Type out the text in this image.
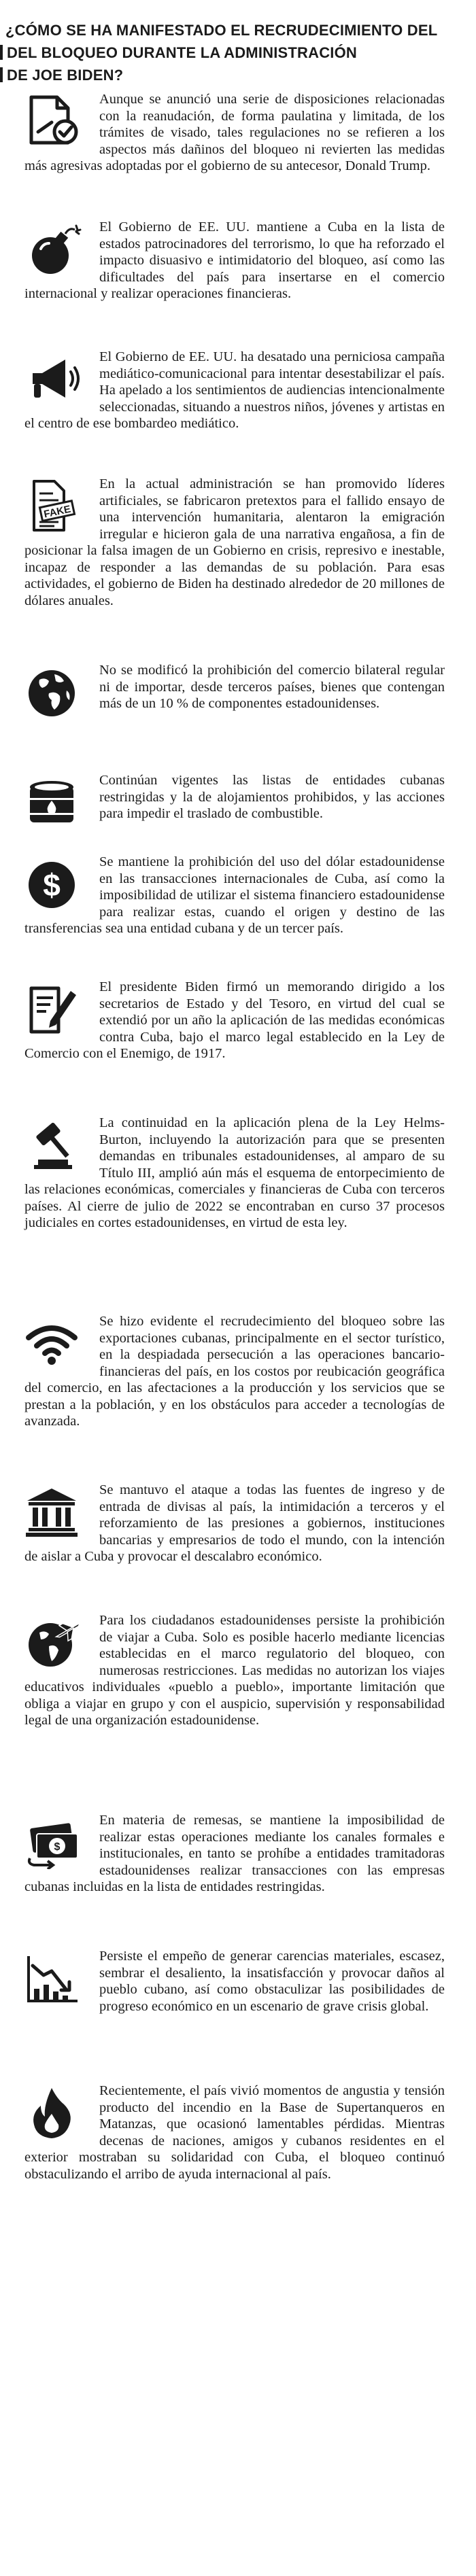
¿CÓMO SE HA MANIFESTADO EL RECRUDECIMIENTO DEL
DEL BLOQUEO DURANTE LA ADMINISTRACIÓN
DE JOE BIDEN?

Aunque se anunció una serie de disposiciones relacionadas con la reanudación, de forma paulatina y limitada, de los trámites de visado, tales regulaciones no se refieren a los aspectos más dañinos del bloqueo ni revierten las medidas más agresivas adoptadas por el gobierno de su antecesor, Donald Trump.

El Gobierno de EE. UU. mantiene a Cuba en la lista de estados patrocinadores del terrorismo, lo que ha reforzado el impacto disuasivo e intimidatorio del bloqueo, así como las dificultades del país para insertarse en el comercio internacional y realizar operaciones financieras.

El Gobierno de EE. UU. ha desatado una perniciosa campaña mediático-comunicacional para intentar desestabilizar el país. Ha apelado a los sentimientos de audiencias intencionalmente seleccionadas, situando a nuestros niños, jóvenes y artistas en el centro de ese bombardeo mediático.

FAKE

En la actual administración se han promovido líderes artificiales, se fabricaron pretextos para el fallido ensayo de una intervención humanitaria, alentaron la emigración irregular e hicieron gala de una narrativa engañosa, a fin de posicionar la falsa imagen de un Gobierno en crisis, represivo e inestable, incapaz de responder a las demandas de su población. Para esas actividades, el gobierno de Biden ha destinado alrededor de 20 millones de dólares anuales.

No se modificó la prohibición del comercio bilateral regular ni de importar, desde terceros países, bienes que contengan más de un 10 % de componentes estadounidenses.

Continúan vigentes las listas de entidades cubanas restringidas y la de alojamientos prohibidos, y las acciones para impedir el traslado de combustible.

$

Se mantiene la prohibición del uso del dólar estadounidense en las transacciones internacionales de Cuba, así como la imposibilidad de utilizar el sistema financiero estadounidense para realizar estas, cuando el origen y destino de las transferencias sea una entidad cubana y de un tercer país.

El presidente Biden firmó un memorando dirigido a los secretarios de Estado y del Tesoro, en virtud del cual se extendió por un año la aplicación de las medidas económicas contra Cuba, bajo el marco legal establecido en la Ley de Comercio con el Enemigo, de 1917.

La continuidad en la aplicación plena de la Ley Helms-Burton, incluyendo la autorización para que se presenten demandas en tribunales estadounidenses, al amparo de su Título III, amplió aún más el esquema de entorpecimiento de las relaciones económicas, comerciales y financieras de Cuba con terceros países. Al cierre de julio de 2022 se encontraban en curso 37 procesos judiciales en cortes estadounidenses, en virtud de esta ley.

Se hizo evidente el recrudecimiento del bloqueo sobre las exportaciones cubanas, principalmente en el sector turístico, en la despiadada persecución a las operaciones bancario-financieras del país, en los costos por reubicación geográfica del comercio, en las afectaciones a la producción y los servicios que se prestan a la población, y en los obstáculos para acceder a tecnologías de avanzada.

Se mantuvo el ataque a todas las fuentes de ingreso y de entrada de divisas al país, la intimidación a terceros y el reforzamiento de las presiones a gobiernos, instituciones bancarias y empresarios de todo el mundo, con la intención de aislar a Cuba y provocar el descalabro económico.

Para los ciudadanos estadounidenses persiste la prohibición de viajar a Cuba. Solo es posible hacerlo mediante licencias establecidas en el marco regulatorio del bloqueo, con numerosas restricciones. Las medidas no autorizan los viajes educativos individuales «pueblo a pueblo», importante limitación que obliga a viajar en grupo y con el auspicio, supervisión y responsabilidad legal de una organización estadounidense.

$

En materia de remesas, se mantiene la imposibilidad de realizar estas operaciones mediante los canales formales e institucionales, en tanto se prohíbe a entidades tramitadoras estadounidenses realizar transacciones con las empresas cubanas incluidas en la lista de entidades restringidas.

Persiste el empeño de generar carencias materiales, escasez, sembrar el desaliento, la insatisfacción y provocar daños al pueblo cubano, así como obstaculizar las posibilidades de progreso económico en un escenario de grave crisis global.

Recientemente, el país vivió momentos de angustia y tensión producto del incendio en la Base de Supertanqueros en Matanzas, que ocasionó lamentables pérdidas. Mientras decenas de naciones, amigos y cubanos residentes en el exterior mostraban su solidaridad con Cuba, el bloqueo continuó obstaculizando el arribo de ayuda internacional al país.
